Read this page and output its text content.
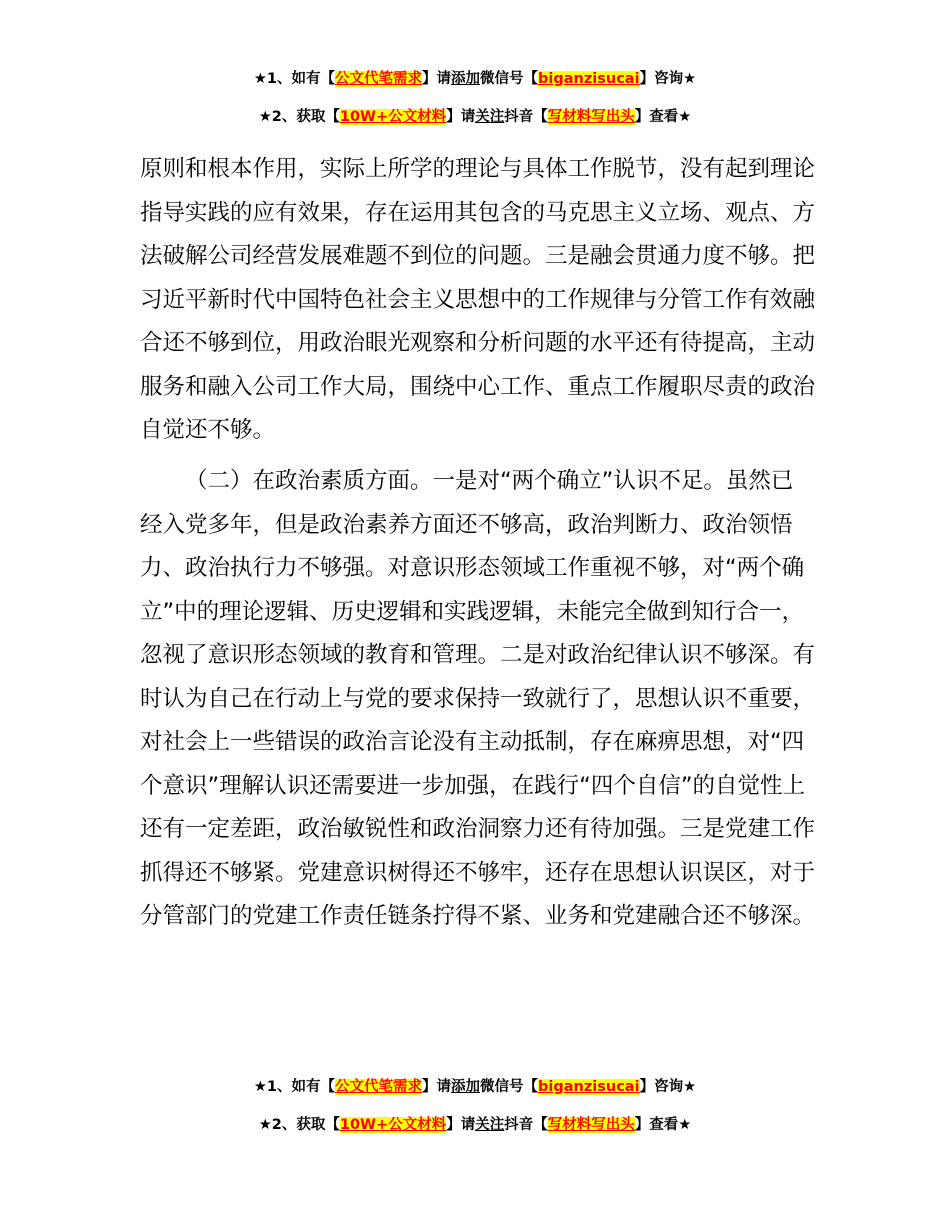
★1、如有【公文代笔需求】请添加微信号【biganzisucai】咨询★
★2、获取【10W+公文材料】请关注抖音【写材料写出头】查看★

原则和根本作用，实际上所学的理论与具体工作脱节，没有起到理论指导实践的应有效果，存在运用其包含的马克思主义立场、观点、方法破解公司经营发展难题不到位的问题。三是融会贯通力度不够。把习近平新时代中国特色社会主义思想中的工作规律与分管工作有效融合还不够到位，用政治眼光观察和分析问题的水平还有待提高，主动服务和融入公司工作大局，围绕中心工作、重点工作履职尽责的政治自觉还不够。

（二）在政治素质方面。一是对“两个确立”认识不足。虽然已经入党多年，但是政治素养方面还不够高，政治判断力、政治领悟力、政治执行力不够强。对意识形态领域工作重视不够，对“两个确立”中的理论逻辑、历史逻辑和实践逻辑，未能完全做到知行合一，忽视了意识形态领域的教育和管理。二是对政治纪律认识不够深。有时认为自己在行动上与党的要求保持一致就行了，思想认识不重要，对社会上一些错误的政治言论没有主动抵制，存在麻痹思想，对“四个意识”理解认识还需要进一步加强，在践行“四个自信”的自觉性上还有一定差距，政治敏锐性和政治洞察力还有待加强。三是党建工作抓得还不够紧。党建意识树得还不够牢，还存在思想认识误区，对于分管部门的党建工作责任链条拧得不紧、业务和党建融合还不够深。

★1、如有【公文代笔需求】请添加微信号【biganzisucai】咨询★
★2、获取【10W+公文材料】请关注抖音【写材料写出头】查看★
